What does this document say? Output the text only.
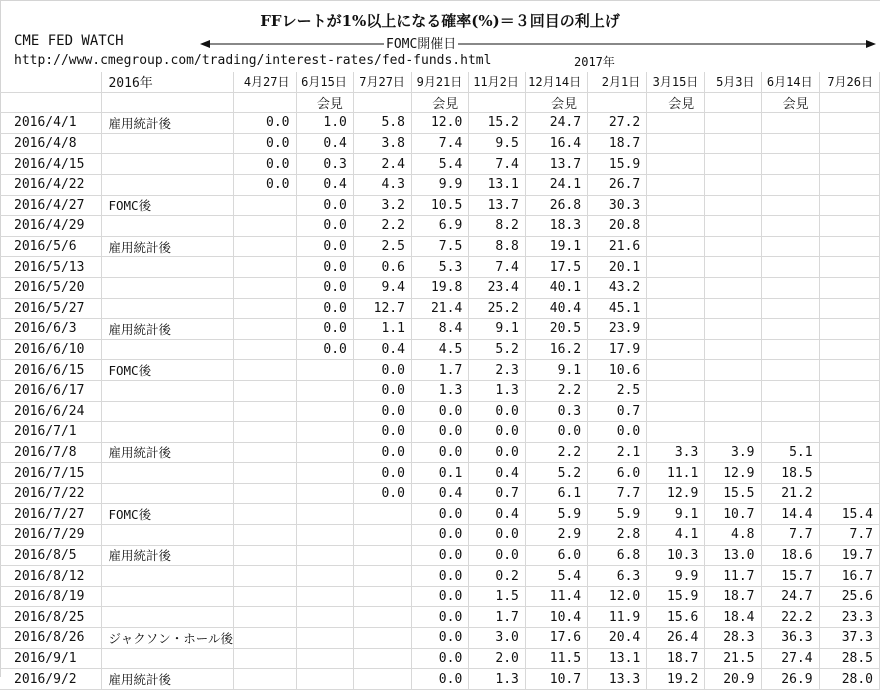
FFレートが1%以上になる確率(%)＝３回目の利上げ
CME FED WATCH	FOMC開催日
http://www.cmegroup.com/trading/interest-rates/fed-funds.html	2017年
	2016年	4月27日	6月15日	7月27日	9月21日	11月2日	12月14日	2月1日	3月15日	5月3日	6月14日	7月26日
			会見		会見		会見		会見		会見	
2016/4/1	雇用統計後	0.0	1.0	5.8	12.0	15.2	24.7	27.2				
2016/4/8		0.0	0.4	3.8	7.4	9.5	16.4	18.7				
2016/4/15		0.0	0.3	2.4	5.4	7.4	13.7	15.9				
2016/4/22		0.0	0.4	4.3	9.9	13.1	24.1	26.7				
2016/4/27	FOMC後		0.0	3.2	10.5	13.7	26.8	30.3				
2016/4/29			0.0	2.2	6.9	8.2	18.3	20.8				
2016/5/6	雇用統計後		0.0	2.5	7.5	8.8	19.1	21.6				
2016/5/13			0.0	0.6	5.3	7.4	17.5	20.1				
2016/5/20			0.0	9.4	19.8	23.4	40.1	43.2				
2016/5/27			0.0	12.7	21.4	25.2	40.4	45.1				
2016/6/3	雇用統計後		0.0	1.1	8.4	9.1	20.5	23.9				
2016/6/10			0.0	0.4	4.5	5.2	16.2	17.9				
2016/6/15	FOMC後			0.0	1.7	2.3	9.1	10.6				
2016/6/17				0.0	1.3	1.3	2.2	2.5				
2016/6/24				0.0	0.0	0.0	0.3	0.7				
2016/7/1				0.0	0.0	0.0	0.0	0.0				
2016/7/8	雇用統計後			0.0	0.0	0.0	2.2	2.1	3.3	3.9	5.1	
2016/7/15				0.0	0.1	0.4	5.2	6.0	11.1	12.9	18.5	
2016/7/22				0.0	0.4	0.7	6.1	7.7	12.9	15.5	21.2	
2016/7/27	FOMC後				0.0	0.4	5.9	5.9	9.1	10.7	14.4	15.4
2016/7/29					0.0	0.0	2.9	2.8	4.1	4.8	7.7	7.7
2016/8/5	雇用統計後				0.0	0.0	6.0	6.8	10.3	13.0	18.6	19.7
2016/8/12					0.0	0.2	5.4	6.3	9.9	11.7	15.7	16.7
2016/8/19					0.0	1.5	11.4	12.0	15.9	18.7	24.7	25.6
2016/8/25					0.0	1.7	10.4	11.9	15.6	18.4	22.2	23.3
2016/8/26	ジャクソン・ホール後				0.0	3.0	17.6	20.4	26.4	28.3	36.3	37.3
2016/9/1					0.0	2.0	11.5	13.1	18.7	21.5	27.4	28.5
2016/9/2	雇用統計後				0.0	1.3	10.7	13.3	19.2	20.9	26.9	28.0
